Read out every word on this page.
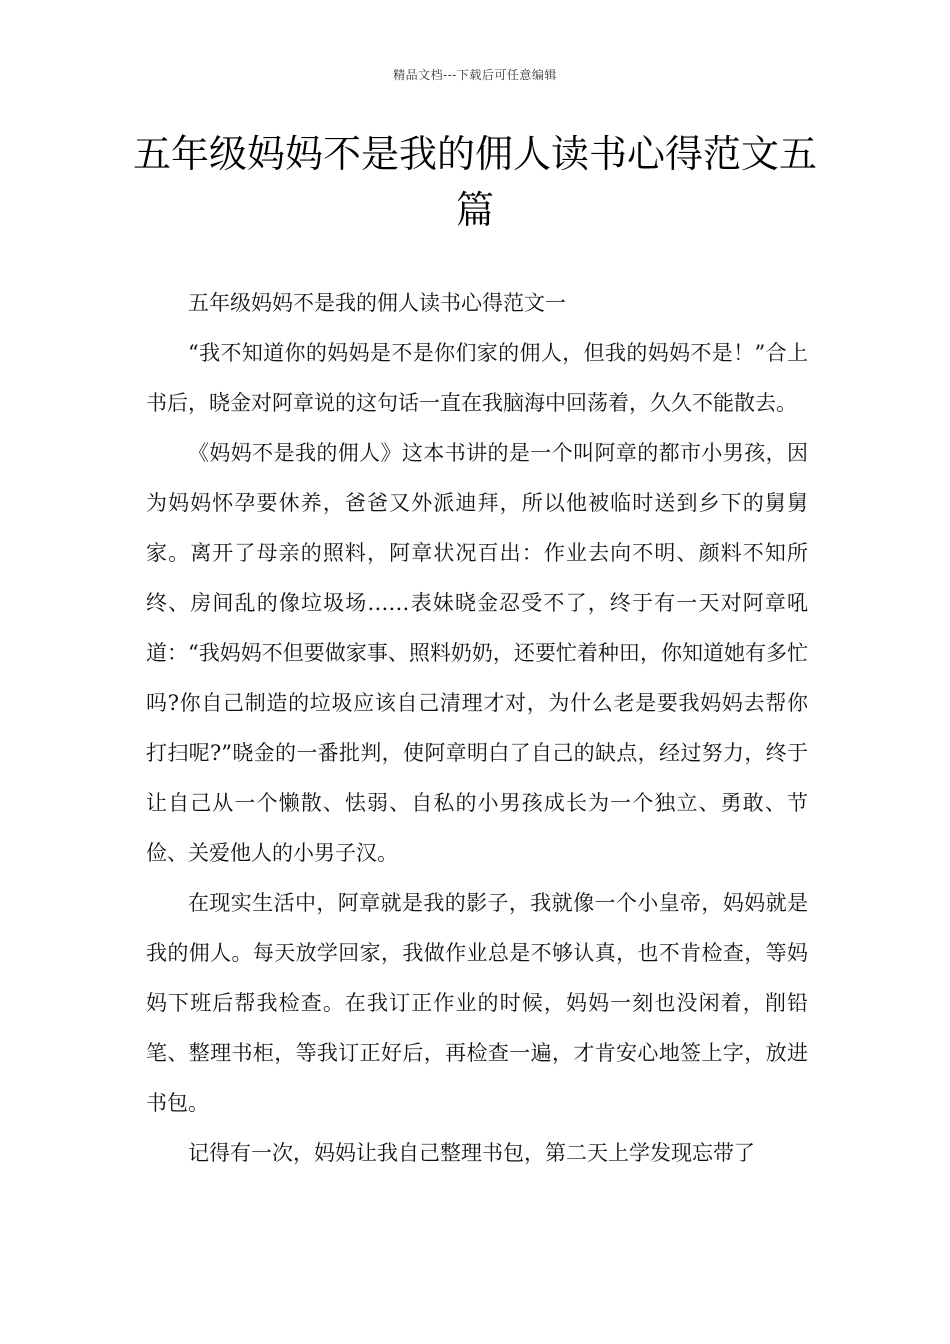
精品文档---下载后可任意编辑
五年级妈妈不是我的佣人读书心得范文五篇

五年级妈妈不是我的佣人读书心得范文一

“我不知道你的妈妈是不是你们家的佣人，但我的妈妈不是！”合上书后，晓金对阿章说的这句话一直在我脑海中回荡着，久久不能散去。

《妈妈不是我的佣人》这本书讲的是一个叫阿章的都市小男孩，因为妈妈怀孕要休养，爸爸又外派迪拜，所以他被临时送到乡下的舅舅家。离开了母亲的照料，阿章状况百出：作业去向不明、颜料不知所终、房间乱的像垃圾场……表妹晓金忍受不了，终于有一天对阿章吼道：“我妈妈不但要做家事、照料奶奶，还要忙着种田，你知道她有多忙吗?你自己制造的垃圾应该自己清理才对，为什么老是要我妈妈去帮你打扫呢?”晓金的一番批判，使阿章明白了自己的缺点，经过努力，终于让自己从一个懒散、怯弱、自私的小男孩成长为一个独立、勇敢、节俭、关爱他人的小男子汉。

在现实生活中，阿章就是我的影子，我就像一个小皇帝，妈妈就是我的佣人。每天放学回家，我做作业总是不够认真，也不肯检查，等妈妈下班后帮我检查。在我订正作业的时候，妈妈一刻也没闲着，削铅笔、整理书柜，等我订正好后，再检查一遍，才肯安心地签上字，放进书包。

记得有一次，妈妈让我自己整理书包，第二天上学发现忘带了
